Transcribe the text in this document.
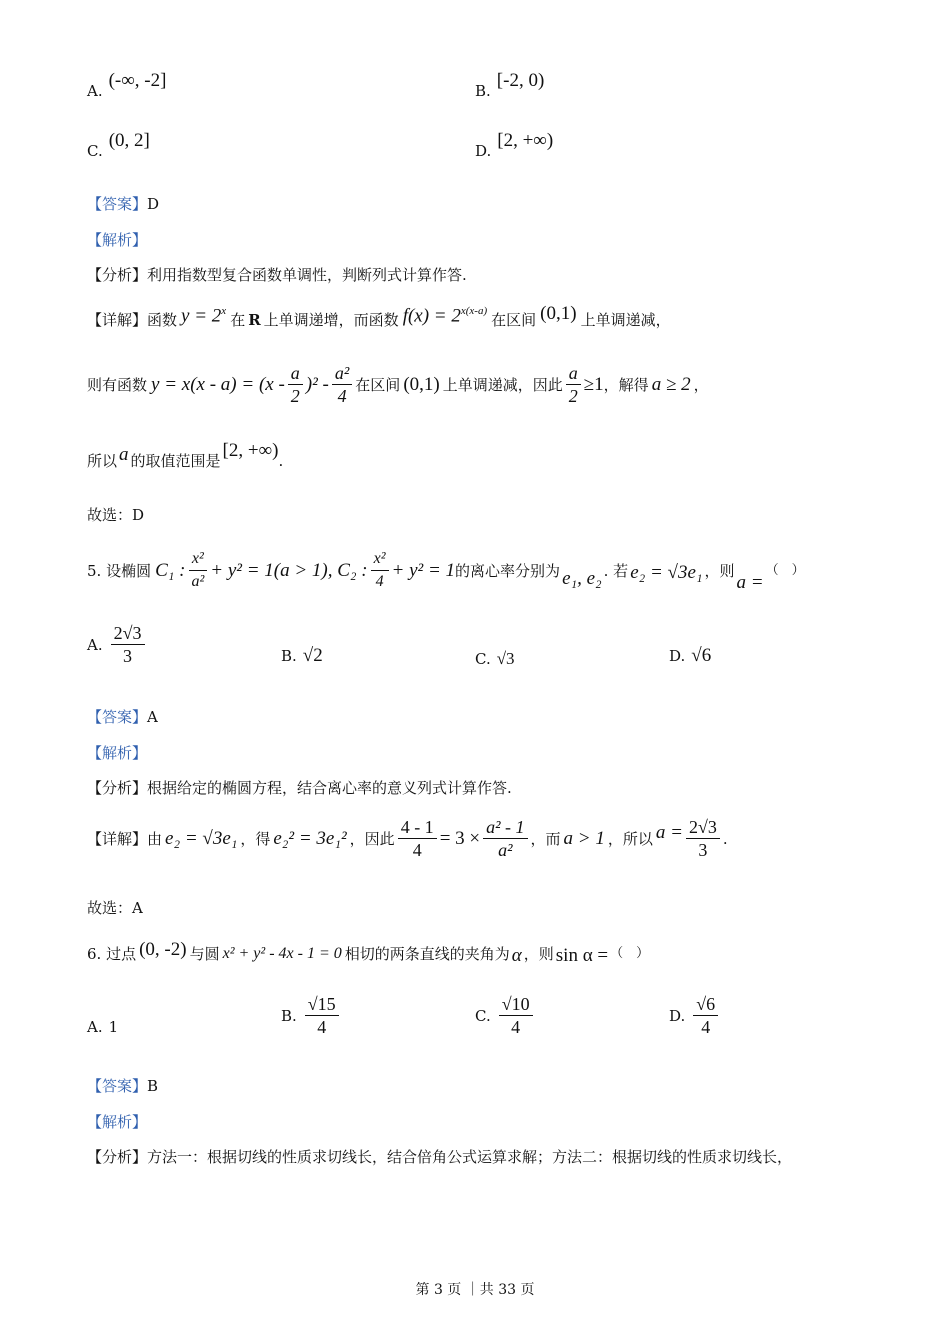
A. (-∞, -2]	B. [-2, 0)
C. (0, 2]	D. [2, +∞)
【答案】D
【解析】
【分析】利用指数型复合函数单调性，判断列式计算作答.
【详解】 函数 $y = 2^x$ 在 R 上单调递增，而函数 $f(x) = 2^{x(x-a)}$ 在区间 (0,1) 上单调递减，
则有函数 $y = x(x - a) = (x - \frac{a}{2} )^2 - \frac{\text{a²}}{4}$ 在区间 (0,1) 上单调递减，因此 $\frac{a}{2} \ge 1$ ，解得 a ≥ 2 ，
所以 a 的取值范围是 [2, +∞) .
故选：D
5. 设椭圆 C₁ : $\frac{\text{x²}}{\text{a²}} + y^2 = 1(a > 1)$, C₂ : $\frac{\text{x²}}{4} + y^2 = 1$ 的离心率分别为 e₁, e₂ . 若 e₂ = √3e₁ ，则
a =
（　）
A. $\frac{2√3}{3}$	B. √2	C. √3	D. √6
【答案】A
【解析】
【分析】根据给定的椭圆方程，结合离心率的意义列式计算作答.
【详解】 由 e₂ = √3e₁ ，得 e₂² = 3e₁² ，因此 $\frac{4 - 1}{4} = 3 \times \frac{\text{a² - 1}}{\text{a²}}$ ，而 a > 1 ，所以 $a = \frac{2√3}{3}$ .
故选：A
6. 过点 (0, -2) 与圆 x² + y² - 4x - 1 = 0 相切的两条直线的夹角为 α ，则 sin α = （　）
A. 1
B. $\frac{√15}{4}$	C. $\frac{√10}{4}$	D. $\frac{√6}{4}$
【答案】B
【解析】
【分析】方法一：根据切线的性质求切线长，结合倍角公式运算求解；方法二：根据切线的性质求切线长，
第 3 页 ｜共 33 页
